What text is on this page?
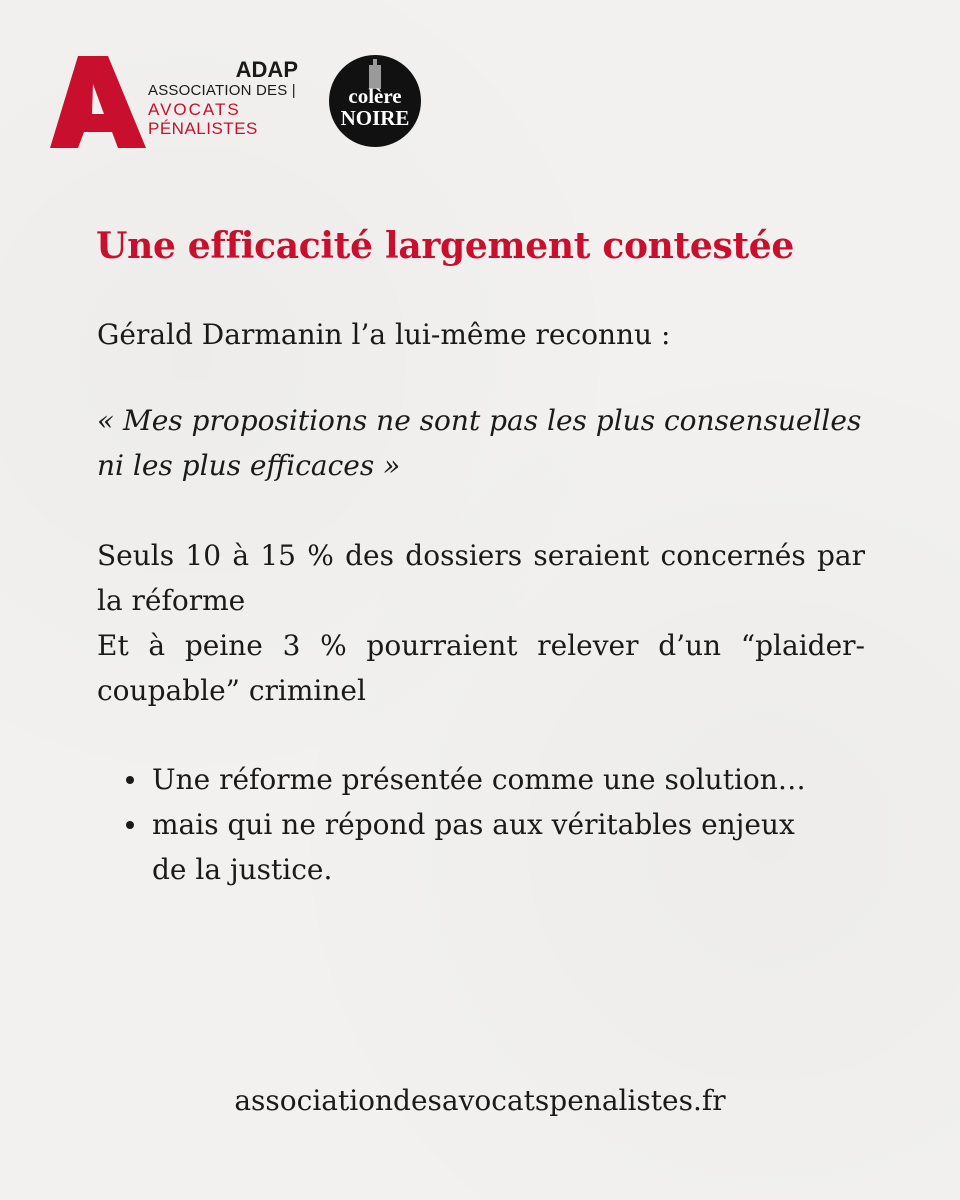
ADAP
ASSOCIATION DES |
AVOCATS
PÉNALISTES
colère
NOIRE
Une efficacité largement contestée

Gérald Darmanin l’a lui-même reconnu :

« Mes propositions ne sont pas les plus consensuelles ni les plus efficaces »

Seuls 10 à 15 % des dossiers seraient concernés par la réforme
Et à peine 3 % pourraient relever d’un “plaider-coupable” criminel
Une réforme présentée comme une solution…
mais qui ne répond pas aux véritables enjeux de la justice.
associationdesavocatspenalistes.fr
